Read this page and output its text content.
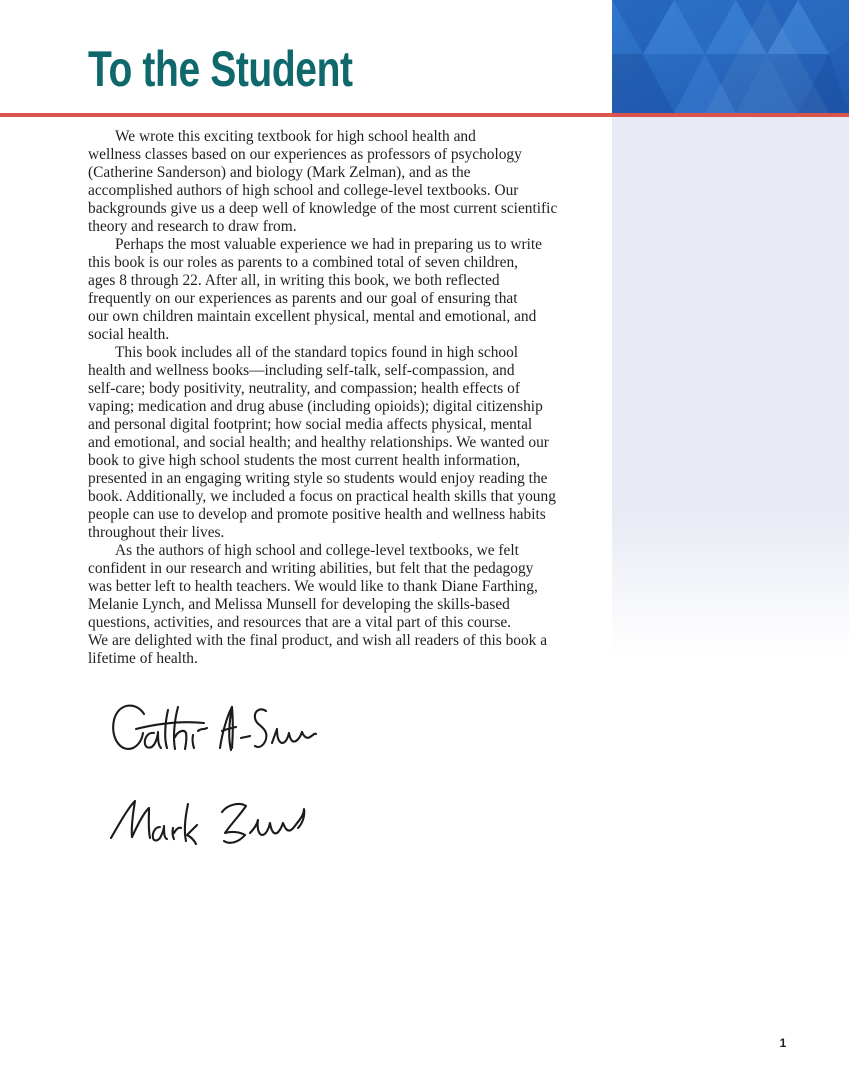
To the Student

We wrote this exciting textbook for high school health and
wellness classes based on our experiences as professors of psychology
(Catherine Sanderson) and biology (Mark Zelman), and as the
accomplished authors of high school and college-level textbooks. Our
backgrounds give us a deep well of knowledge of the most current scientific
theory and research to draw from.

Perhaps the most valuable experience we had in preparing us to write
this book is our roles as parents to a combined total of seven children,
ages 8 through 22. After all, in writing this book, we both reflected
frequently on our experiences as parents and our goal of ensuring that
our own children maintain excellent physical, mental and emotional, and
social health.

This book includes all of the standard topics found in high school
health and wellness books—including self-talk, self-compassion, and
self-care; body positivity, neutrality, and compassion; health effects of
vaping; medication and drug abuse (including opioids); digital citizenship
and personal digital footprint; how social media affects physical, mental
and emotional, and social health; and healthy relationships. We wanted our
book to give high school students the most current health information,
presented in an engaging writing style so students would enjoy reading the
book. Additionally, we included a focus on practical health skills that young
people can use to develop and promote positive health and wellness habits
throughout their lives.

As the authors of high school and college-level textbooks, we felt
confident in our research and writing abilities, but felt that the pedagogy
was better left to health teachers. We would like to thank Diane Farthing,
Melanie Lynch, and Melissa Munsell for developing the skills-based
questions, activities, and resources that are a vital part of this course.
We are delighted with the final product, and wish all readers of this book a
lifetime of health.

1
